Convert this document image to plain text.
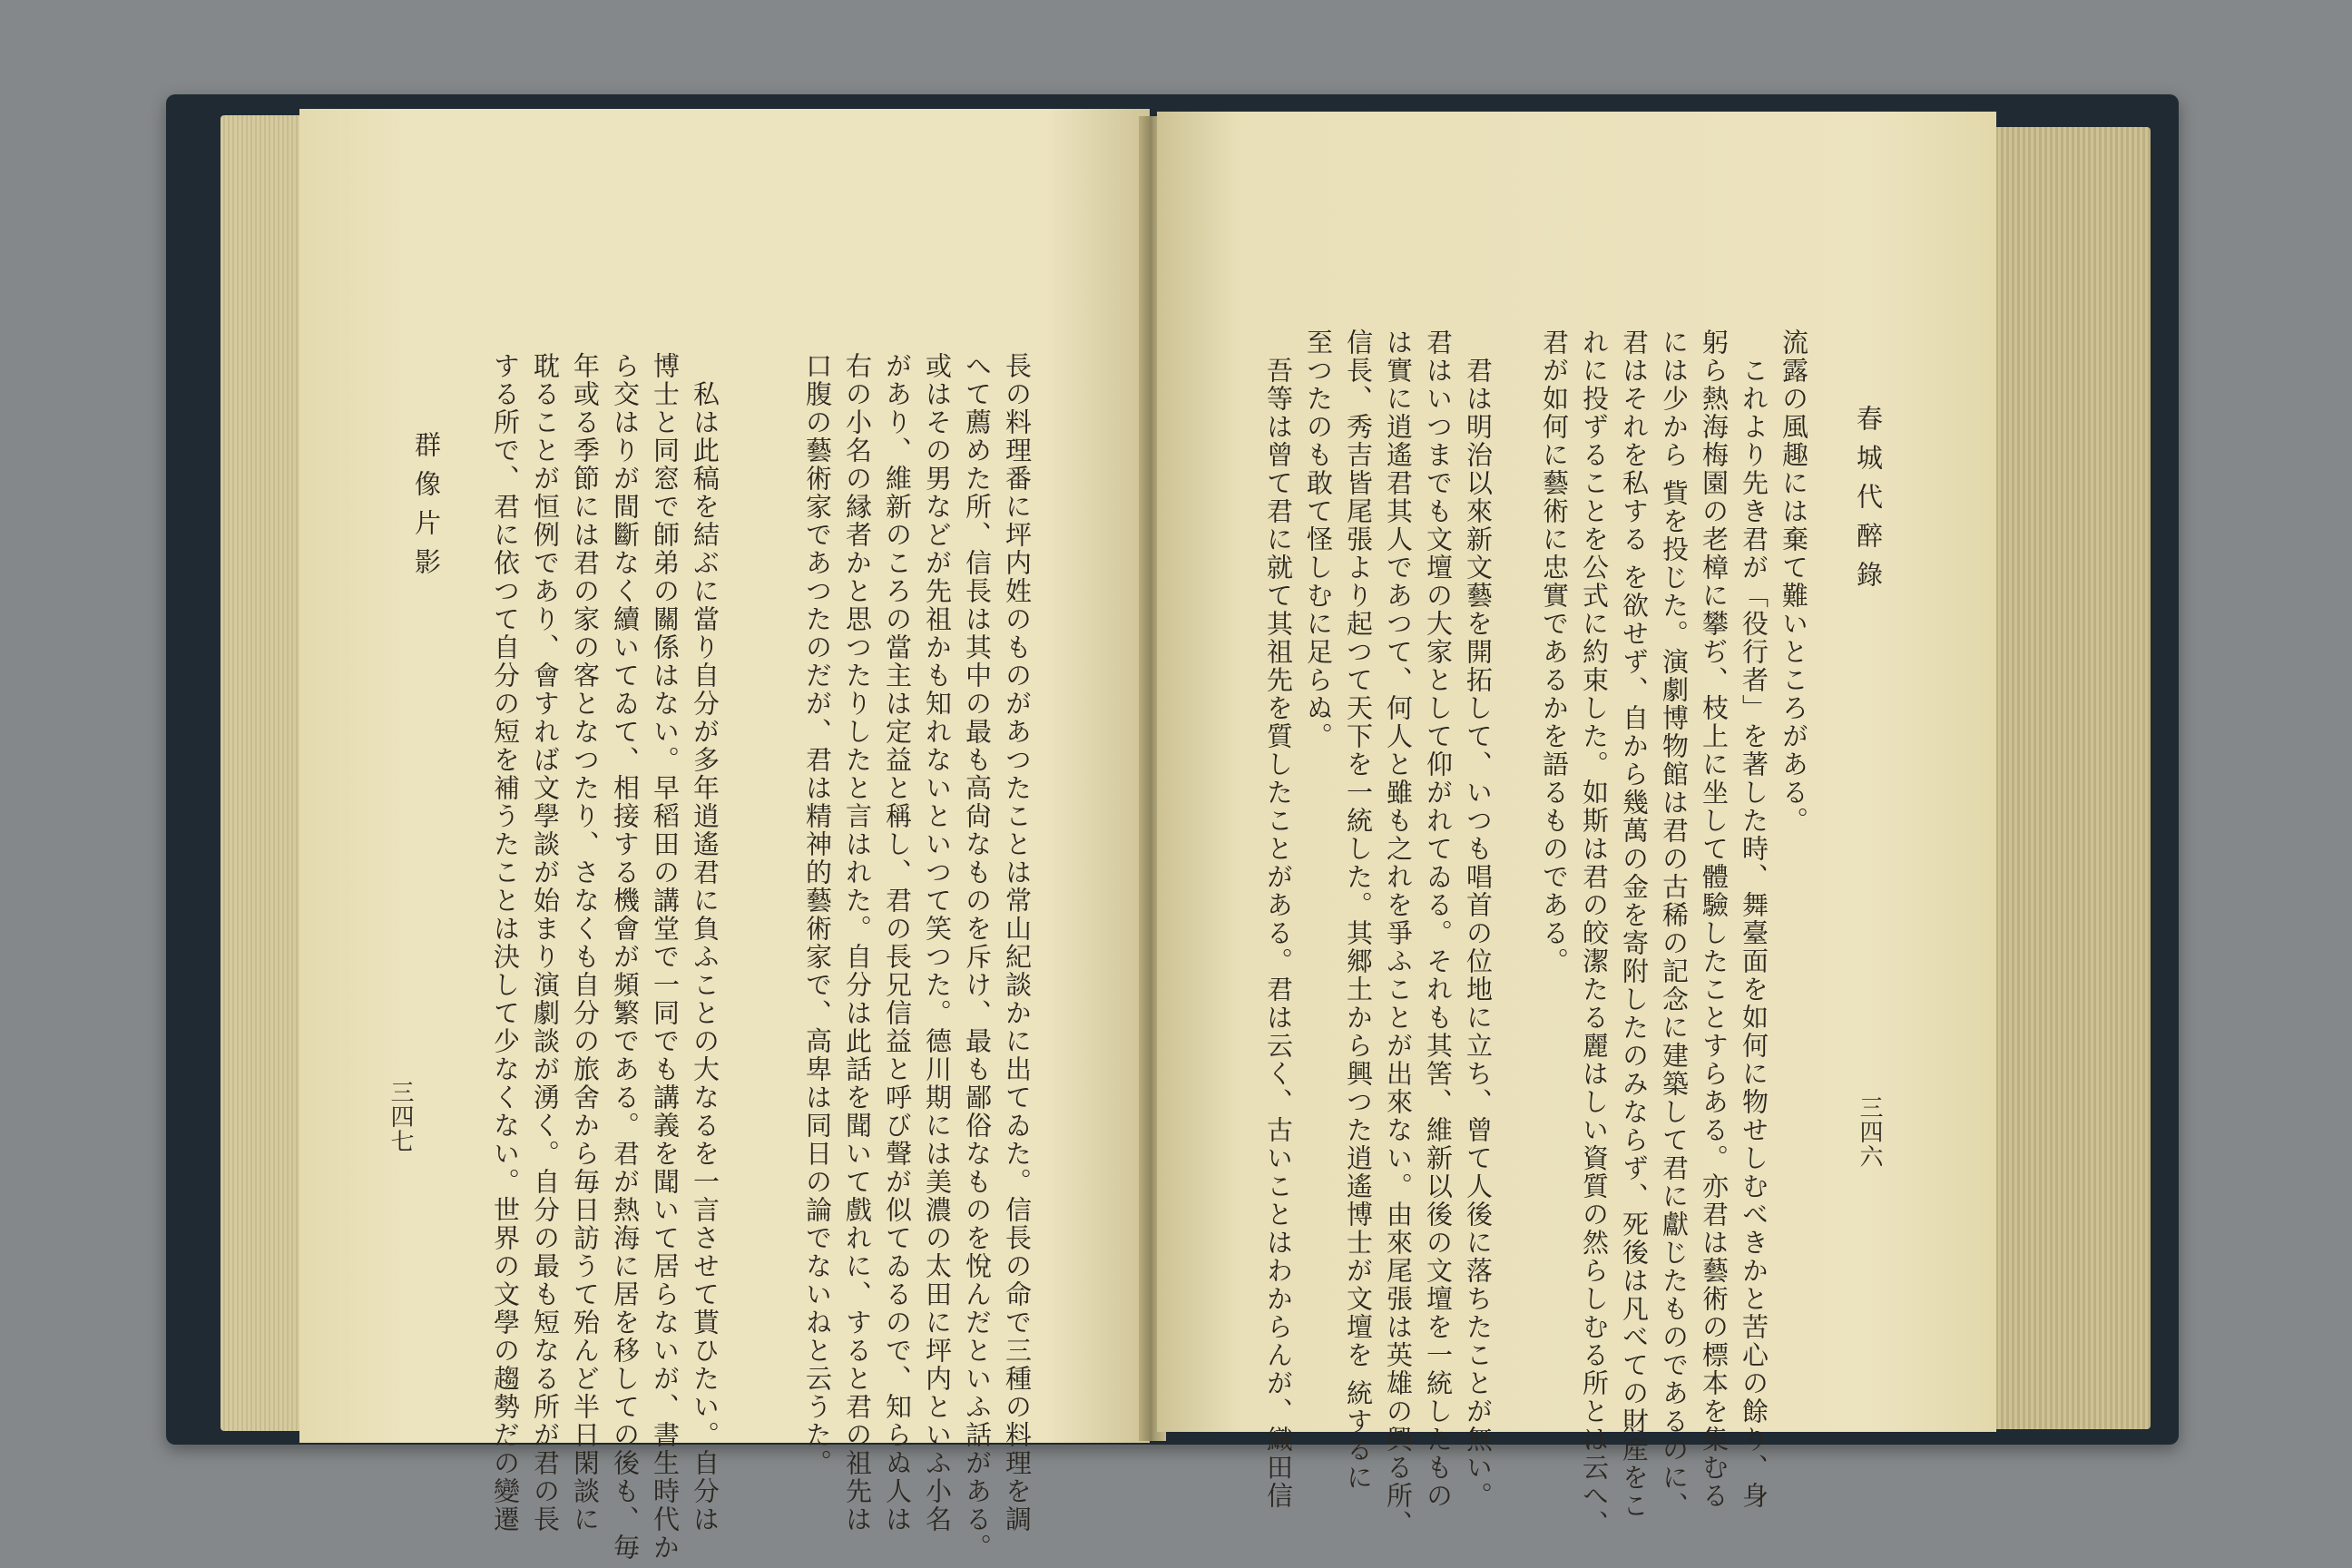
群像片影
三四七	長の料理番に坪内姓のものがあつたことは常山紀談かに出てゐた。信長の命で三種の料理を調
へて薦めた所、信長は其中の最も高尙なものを斥け、最も鄙俗なものを悅んだといふ話がある。
或はその男などが先祖かも知れないといつて笑つた。德川期には美濃の太田に坪内といふ小名
があり、維新のころの當主は定益と稱し、君の長兄信益と呼び聲が似てゐるので、知らぬ人は
右の小名の縁者かと思つたりしたと言はれた。自分は此話を聞いて戲れに、すると君の祖先は
口腹の藝術家であつたのだが、君は精神的藝術家で、高卑は同日の論でないねと云うた。
　私は此稿を結ぶに當り自分が多年逍遙君に負ふことの大なるを一言させて貰ひたい。自分は
博士と同窓で師弟の關係はない。早稻田の講堂で一同でも講義を聞いて居らないが、書生時代か
ら交はりが間斷なく續いてゐて、相接する機會が頻繁である。君が熱海に居を移しての後も、毎
年或る季節には君の家の客となつたり、さなくも自分の旅舍から毎日訪うて殆んど半日閑談に
耽ることが恒例であり、會すれば文學談が始まり演劇談が湧く。自分の最も短なる所が君の長
する所で、君に依つて自分の短を補うたことは決して少なくない。世界の文學の趨勢だの變遷	春城代醉錄
三四六
流露の風趣には棄て難いところがある。
　これより先き君が「役行者」を著した時、舞臺面を如何に物せしむべきかと苦心の餘り、身
躬ら熱海梅園の老樟に攀ぢ、枝上に坐して體驗したことすらある。亦君は藝術の標本を集むる
には少から 貲を投じた。演劇博物館は君の古稀の記念に建築して君に獻じたものであるのに、
君はそれを私する を欲せず、自から幾萬の金を寄附したのみならず、死後は凡べての財産をこ
れに投ずることを公式に約束した。如斯は君の皎潔たる麗はしい資質の然らしむる所とは云へ、
君が如何に藝術に忠實であるかを語るものである。
　君は明治以來新文藝を開拓して、いつも唱首の位地に立ち、曾て人後に落ちたことが無い。
君はいつまでも文壇の大家として仰がれてゐる。それも其筈、維新以後の文壇を一統したもの
は實に逍遙君其人であつて、何人と雖も之れを爭ふことが出來ない。由來尾張は英雄の興る所、
信長、秀吉皆尾張より起つて天下を一統した。其郷土から興つた逍遙博士が文壇を 統するに
至つたのも敢て怪しむに足らぬ。
　吾等は曾て君に就て其祖先を質したことがある。君は云く、古いことはわからんが、織田信
